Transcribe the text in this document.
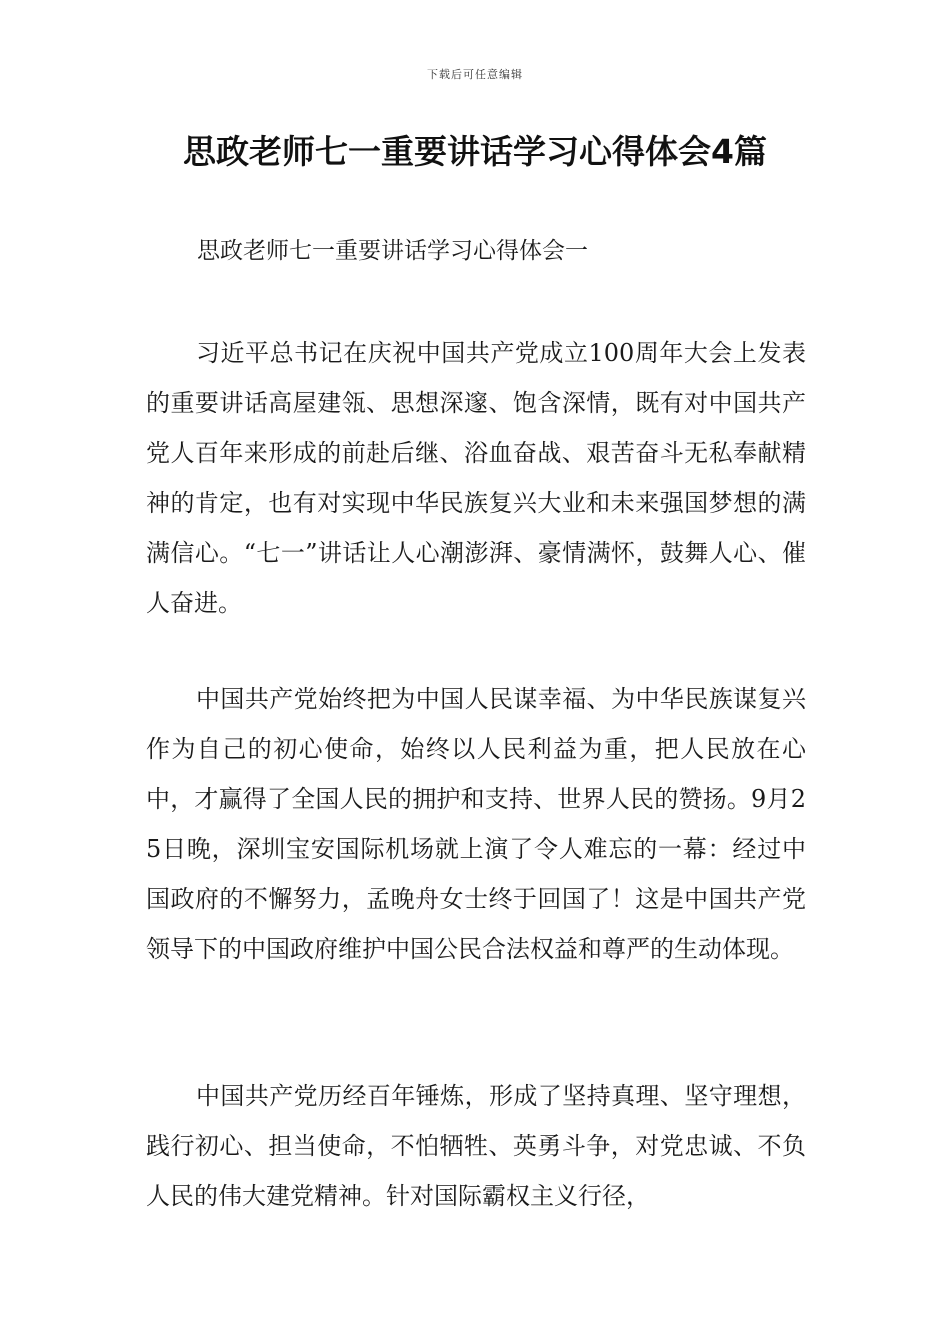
下载后可任意编辑
思政老师七一重要讲话学习心得体会4篇
思政老师七一重要讲话学习心得体会一

习近平总书记在庆祝中国共产党成立100周年大会上发表的重要讲话高屋建瓴、思想深邃、饱含深情，既有对中国共产党人百年来形成的前赴后继、浴血奋战、艰苦奋斗无私奉献精神的肯定，也有对实现中华民族复兴大业和未来强国梦想的满满信心。“七一”讲话让人心潮澎湃、豪情满怀，鼓舞人心、催人奋进。

中国共产党始终把为中国人民谋幸福、为中华民族谋复兴作为自己的初心使命，始终以人民利益为重，把人民放在心中，才赢得了全国人民的拥护和支持、世界人民的赞扬。9月25日晚，深圳宝安国际机场就上演了令人难忘的一幕：经过中国政府的不懈努力，孟晚舟女士终于回国了！这是中国共产党领导下的中国政府维护中国公民合法权益和尊严的生动体现。

中国共产党历经百年锤炼，形成了坚持真理、坚守理想，践行初心、担当使命，不怕牺牲、英勇斗争，对党忠诚、不负人民的伟大建党精神。针对国际霸权主义行径，
